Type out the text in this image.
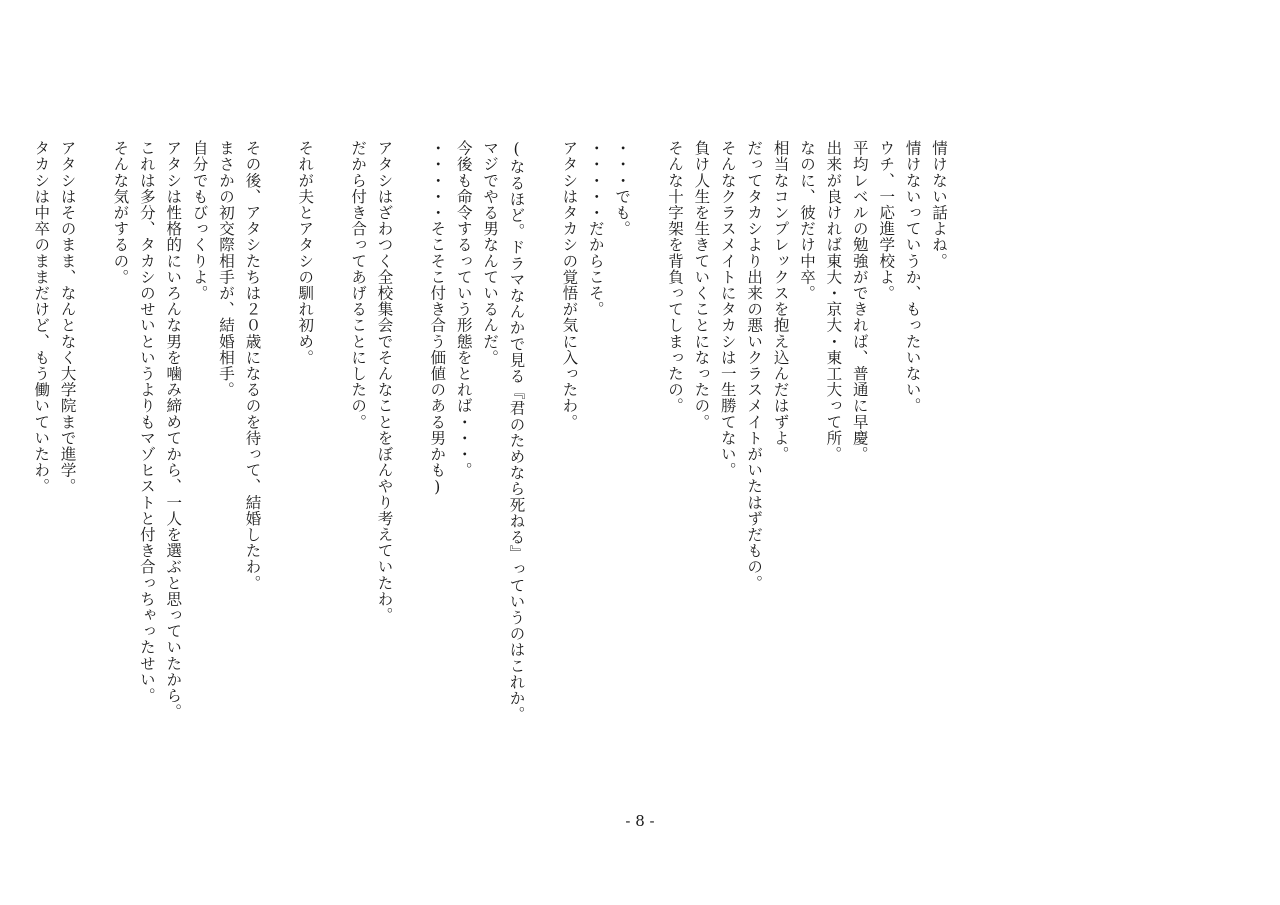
情けない話よね。
情けないっていうか、もったいない。
ウチ、一応進学校よ。
平均レベルの勉強ができれば、普通に早慶。
出来が良ければ東大・京大・東工大って所。
なのに、彼だけ中卒。
相当なコンプレックスを抱え込んだはずよ。
だってタカシより出来の悪いクラスメイトがいたはずだもの。
そんなクラスメイトにタカシは一生勝てない。
負け人生を生きていくことになったの。
そんな十字架を背負ってしまったの。

・・・でも。
・・・・・だからこそ。
アタシはタカシの覚悟が気に入ったわ。

(なるほど。ドラマなんかで見る『君のためなら死ねる』っていうのはこれか。
マジでやる男なんているんだ。
今後も命令するっていう形態をとれば・・・。
・・・・・そこそこ付き合う価値のある男かも)

アタシはざわつく全校集会でそんなことをぼんやり考えていたわ。
だから付き合ってあげることにしたの。

それが夫とアタシの馴れ初め。

その後、アタシたちは２０歳になるのを待って、結婚したわ。
まさかの初交際相手が、結婚相手。
自分でもびっくりよ。
アタシは性格的にいろんな男を噛み締めてから、一人を選ぶと思っていたから。
これは多分、タカシのせいというよりもマゾヒストと付き合っちゃったせい。
そんな気がするの。

アタシはそのまま、なんとなく大学院まで進学。
タカシは中卒のままだけど、もう働いていたわ。
- 8 -
